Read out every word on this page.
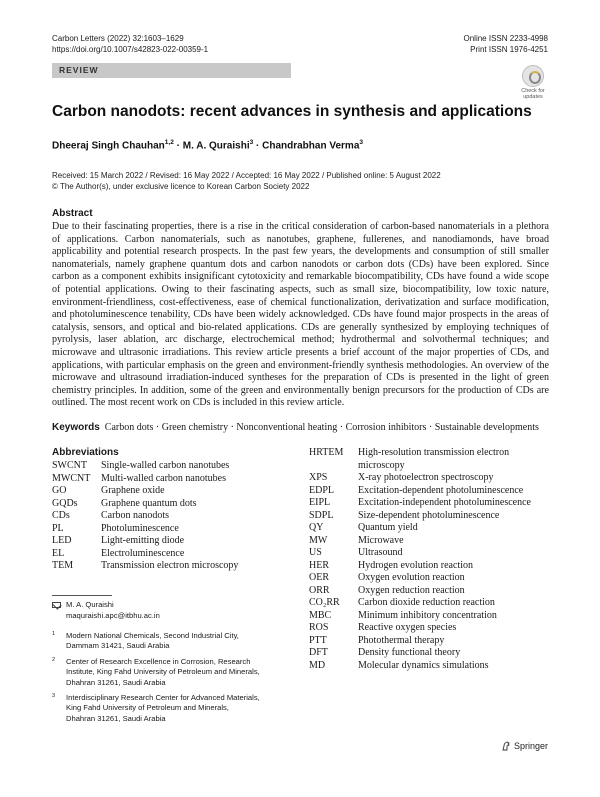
Carbon Letters (2022) 32:1603–1629
https://doi.org/10.1007/s42823-022-00359-1
Online ISSN 2233-4998
Print ISSN 1976-4251
REVIEW
Check for updates
Carbon nanodots: recent advances in synthesis and applications
Dheeraj Singh Chauhan$^{1,2}$ · M. A. Quraishi$^3$ · Chandrabhan Verma$^3$
Received: 15 March 2022 / Revised: 16 May 2022 / Accepted: 16 May 2022 / Published online: 5 August 2022
© The Author(s), under exclusive licence to Korean Carbon Society 2022
Abstract
Due to their fascinating properties, there is a rise in the critical consideration of carbon-based nanomaterials in a plethora of applications. Carbon nanomaterials, such as nanotubes, graphene, fullerenes, and nanodiamonds, have broad applicability and potential research prospects. In the past few years, the developments and consumption of still smaller nanomaterials, namely graphene quantum dots and carbon nanodots or carbon dots (CDs) have been explored. Since carbon as a component exhibits insignificant cytotoxicity and remarkable biocompatibility, CDs have found a wide scope of potential applications. Owing to their fascinating aspects, such as small size, biocompatibility, low toxic nature, environment-friendliness, cost-effectiveness, ease of chemical functionalization, derivatization and surface modification, and photoluminescence tenability, CDs have been widely acknowledged. CDs have found major prospects in the areas of catalysis, sensors, and optical and bio-related applications. CDs are generally synthesized by employing techniques of pyrolysis, laser ablation, arc discharge, electrochemical method; hydrothermal and solvothermal techniques; and microwave and ultrasonic irradiations. This review article presents a brief account of the major properties of CDs, and applications, with particular emphasis on the green and environment-friendly synthesis methodologies. An overview of the microwave and ultrasound irradiation-induced syntheses for the preparation of CDs is presented in the light of green chemistry principles. In addition, some of the green and environmentally benign precursors for the production of CDs are outlined. The most recent work on CDs is included in this review article.
Keywords Carbon dots · Green chemistry · Nonconventional heating · Corrosion inhibitors · Sustainable developments
Abbreviations
SWCNT	Single-walled carbon nanotubes
MWCNT	Multi-walled carbon nanotubes
GO	Graphene oxide
GQDs	Graphene quantum dots
CDs	Carbon nanodots
PL	Photoluminescence
LED	Light-emitting diode
EL	Electroluminescence
TEM	Transmission electron microscopy
HRTEM	High-resolution transmission electron microscopy
XPS	X-ray photoelectron spectroscopy
EDPL	Excitation-dependent photoluminescence
EIPL	Excitation-independent photoluminescence
SDPL	Size-dependent photoluminescence
QY	Quantum yield
MW	Microwave
US	Ultrasound
HER	Hydrogen evolution reaction
OER	Oxygen evolution reaction
ORR	Oxygen reduction reaction
CO₂RR	Carbon dioxide reduction reaction
MBC	Minimum inhibitory concentration
ROS	Reactive oxygen species
PTT	Photothermal therapy
DFT	Density functional theory
MD	Molecular dynamics simulations
M. A. Quraishi
maquraishi.apc@itbhu.ac.in
1 Modern National Chemicals, Second Industrial City,
Dammam 31421, Saudi Arabia
2 Center of Research Excellence in Corrosion, Research
Institute, King Fahd University of Petroleum and Minerals,
Dhahran 31261, Saudi Arabia
3 Interdisciplinary Research Center for Advanced Materials,
King Fahd University of Petroleum and Minerals,
Dhahran 31261, Saudi Arabia
Springer
